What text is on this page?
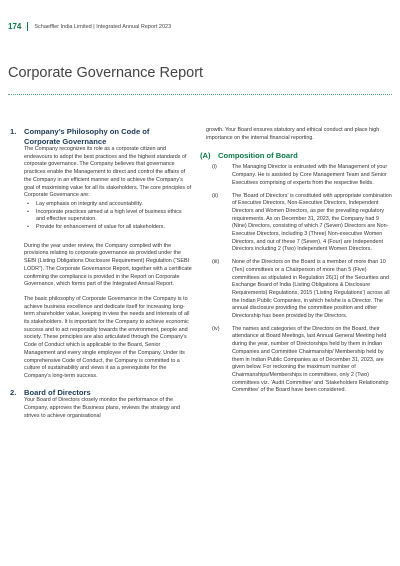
174 Schaeffler India Limited | Integrated Annual Report 2023
Corporate Governance Report
1.	Company’s Philosophy on Code of
Corporate Governance

The Company recognizes its role as a corporate citizen and endeavours to adopt the best practices and the highest standards of corporate governance. The Company believes that governance practices enable the Management to direct and control the affairs of the Company in an efficient manner and to achieve the Company’s goal of maximising value for all its stakeholders. The core principles of Corporate Governance are:

• Lay emphasis on integrity and accountability.
• Incorporate practices aimed at a high level of business ethics and effective supervision.
• Provide for enhancement of value for all stakeholders.

During the year under review, the Company complied with the provisions relating to corporate governance as provided under the SEBI (Listing Obligations Disclosure Requirement) Regulation (“SEBI LODR”). The Corporate Governance Report, together with a certificate confirming the compliance is provided in the Report on Corporate Governance, which forms part of the Integrated Annual Report.

The basic philosophy of Corporate Governance in the Company is to achieve business excellence and dedicate itself for increasing long-term shareholder value, keeping in view the needs and interests of all its stakeholders. It is important for the Company to achieve economic success and to act responsibly towards the environment, people and society. These principles are also articulated through the Company’s Code of Conduct which is applicable to the Board, Senior Management and every single employee of the Company. Under its comprehensive Code of Conduct, the Company is committed to a culture of sustainability and views it as a prerequisite for the Company’s long-term success.

2.	Board of Directors

Your Board of Directors closely monitor the performance of the Company, approves the Business plans, reviews the strategy and strives to achieve organisational

growth. Your Board ensures statutory and ethical conduct and place high importance on the internal financial reporting.

(A) Composition of Board
(i)	The Managing Director is entrusted with the Management of your Company. He is assisted by Core Management Team and Senior Executives comprising of experts from the respective fields.
(ii)	The ‘Board of Directors’ is constituted with appropriate combination of Executive Directors, Non-Executive Directors, Independent Directors and Women Directors, as per the prevailing regulatory requirements. As on December 31, 2023, the Company had 9 (Nine) Directors, consisting of which 7 (Seven) Directors are Non-Executive Directors, including 3 (Three) Non-executive Women Directors, and out of these 7 (Seven), 4 (Four) are Independent Directors including 2 (Two) Independent Women Directors.
(iii)	None of the Directors on the Board is a member of more than 10 (Ten) committees or a Chairperson of more than 5 (Five) committees as stipulated in Regulation 26(1) of the Securities and Exchange Board of India (Listing Obligations & Disclosure Requirements) Regulations, 2015 (‘Listing Regulations’) across all the Indian Public Companies, in which he/she is a Director. The annual disclosure providing the committee position and other Directorship has been provided by the Directors.
(iv)	The names and categories of the Directors on the Board, their attendance at Board Meetings, last Annual General Meeting held during the year, number of Directorships held by them in Indian Companies and Committee Chairmanship/ Membership held by them in Indian Public Companies as of December 31, 2023, are given below. For reckoning the maximum number of Chairmanships/Memberships in committees, only 2 (Two) committees viz. ‘Audit Committee’ and ‘Stakeholders Relationship Committee’ of the Board have been considered.
